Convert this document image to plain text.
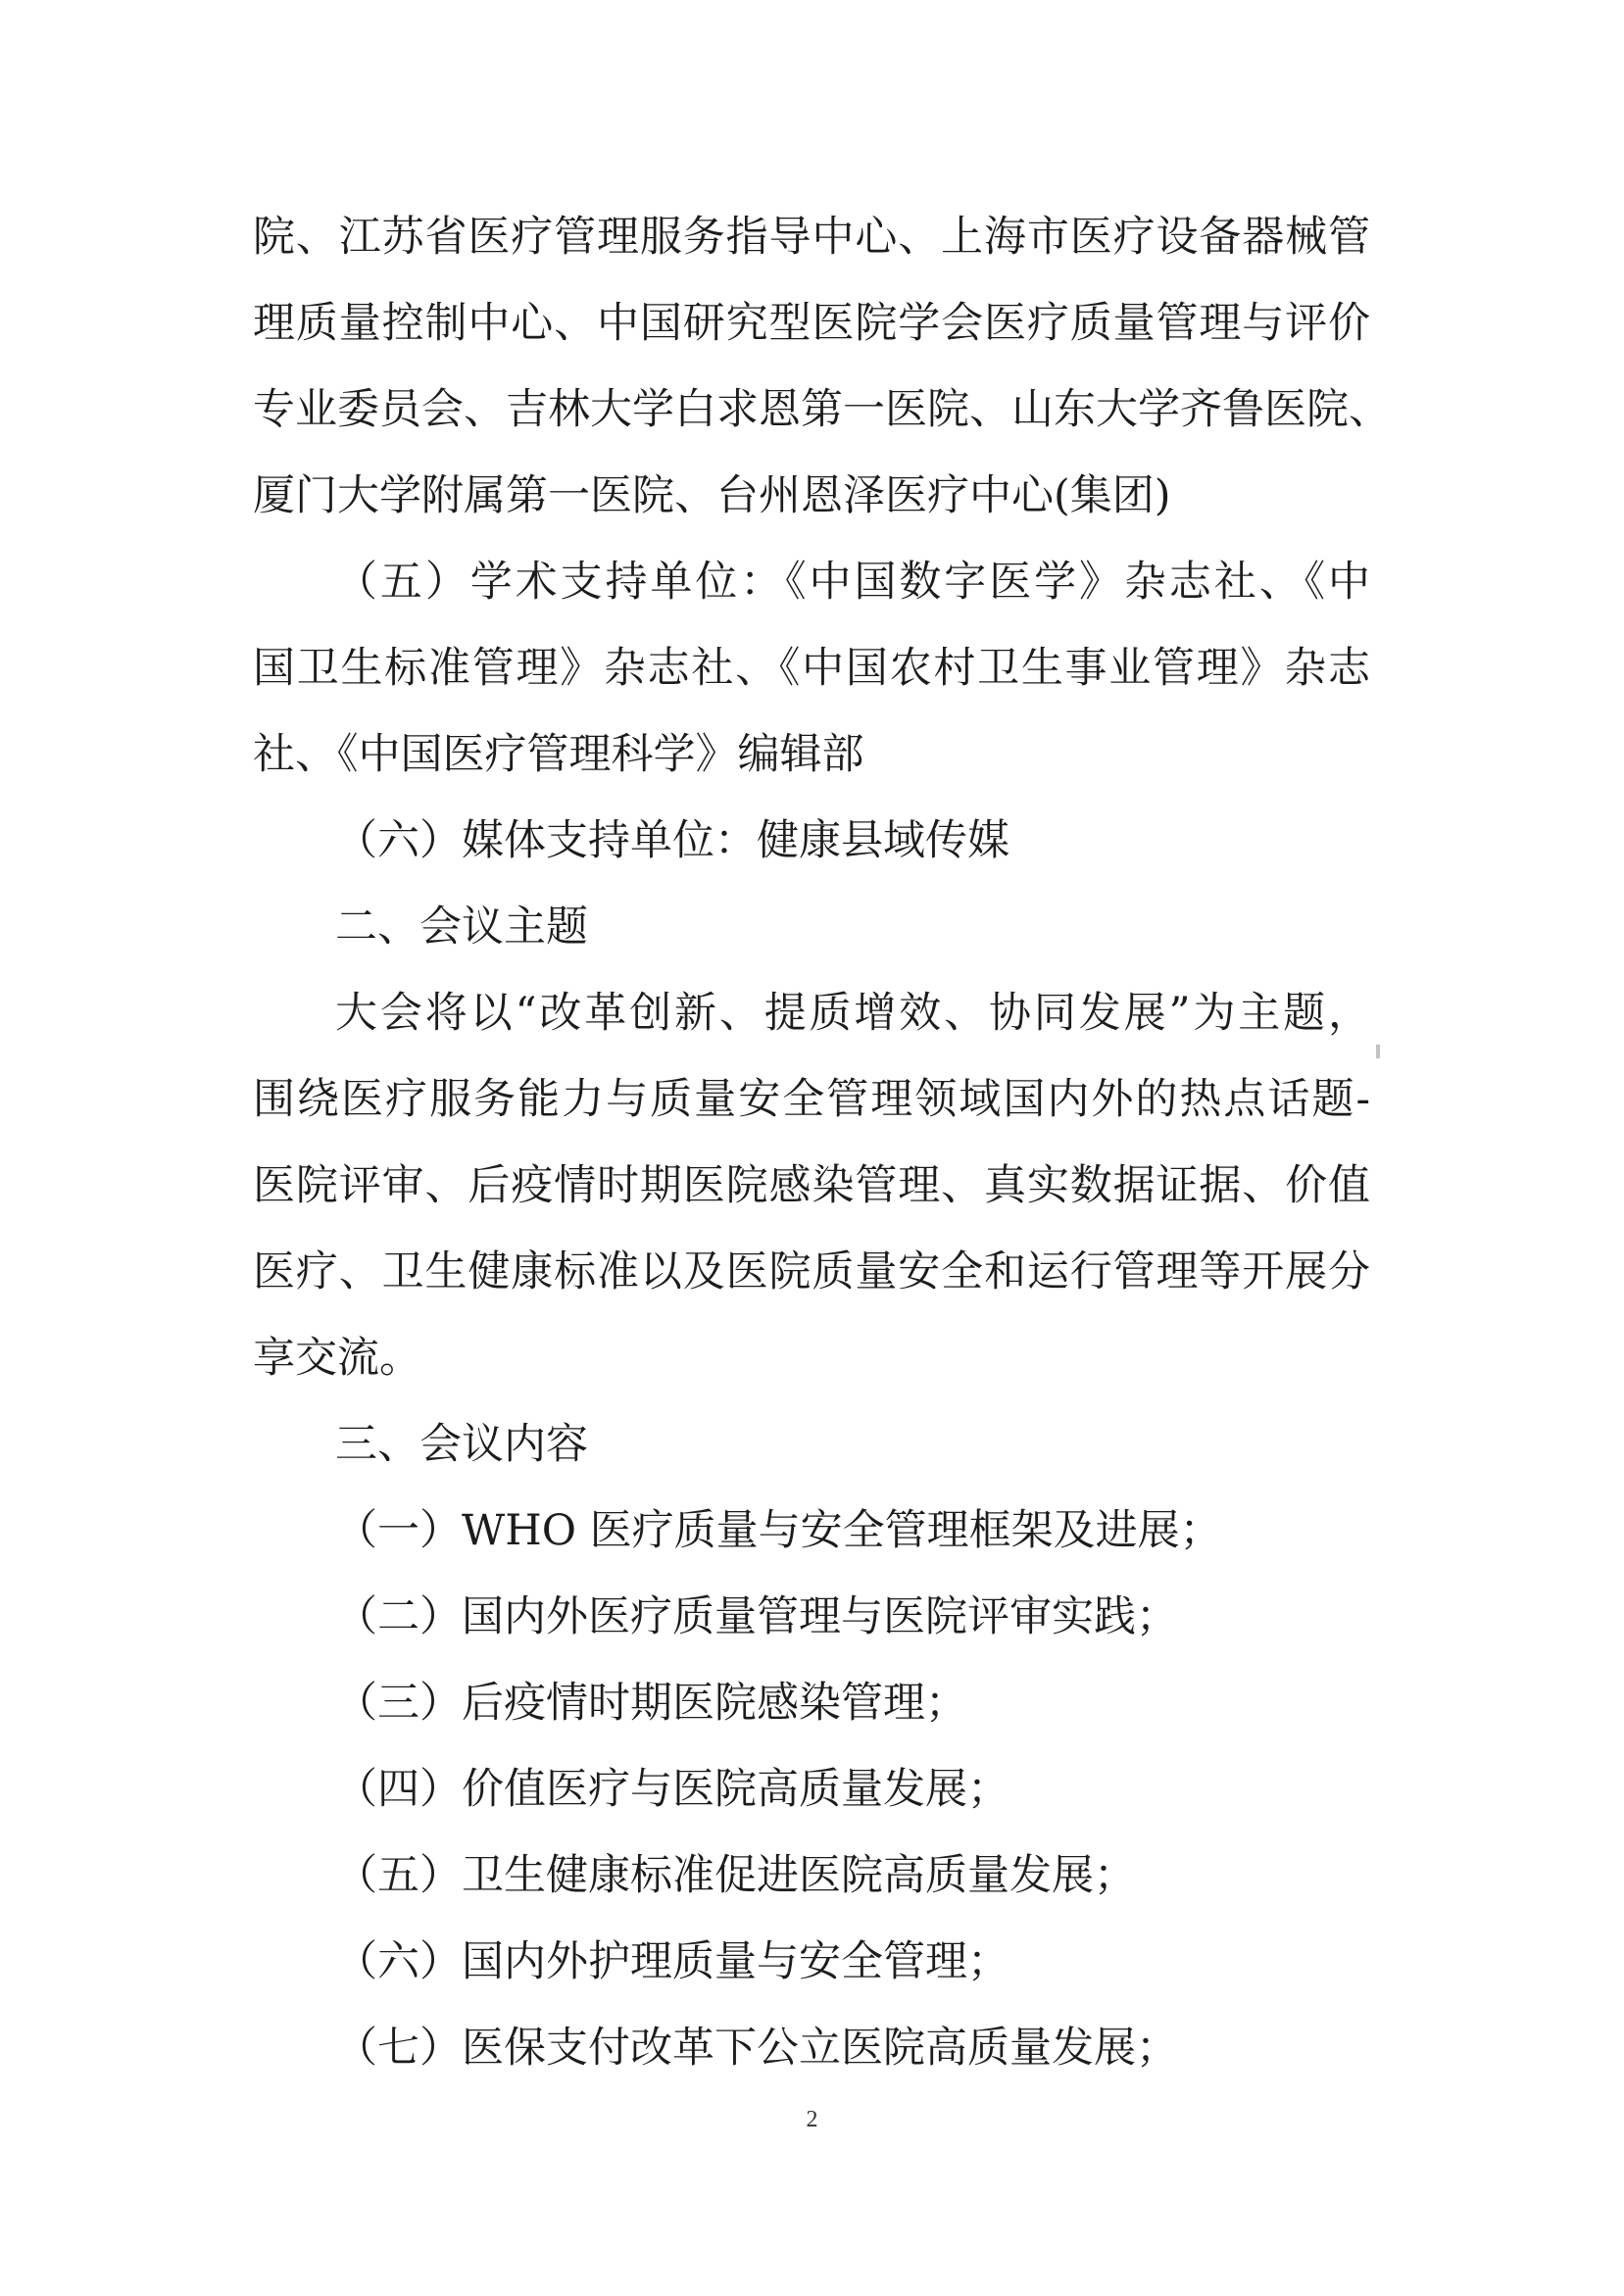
院、江苏省医疗管理服务指导中心、上海市医疗设备器械管
理质量控制中心、中国研究型医院学会医疗质量管理与评价
专业委员会、吉林大学白求恩第一医院、山东大学齐鲁医院、
厦门大学附属第一医院、台州恩泽医疗中心(集团)
（五）学术支持单位：《中国数字医学》杂志社、《中
国卫生标准管理》杂志社、《中国农村卫生事业管理》杂志
社、《中国医疗管理科学》编辑部
（六）媒体支持单位：健康县域传媒
二、会议主题
大会将以“改革创新、提质增效、协同发展”为主题，
围绕医疗服务能力与质量安全管理领域国内外的热点话题-
医院评审、后疫情时期医院感染管理、真实数据证据、价值
医疗、卫生健康标准以及医院质量安全和运行管理等开展分
享交流。
三、会议内容
（一）WHO 医疗质量与安全管理框架及进展；
（二）国内外医疗质量管理与医院评审实践；
（三）后疫情时期医院感染管理；
（四）价值医疗与医院高质量发展；
（五）卫生健康标准促进医院高质量发展；
（六）国内外护理质量与安全管理；
（七）医保支付改革下公立医院高质量发展；
2
